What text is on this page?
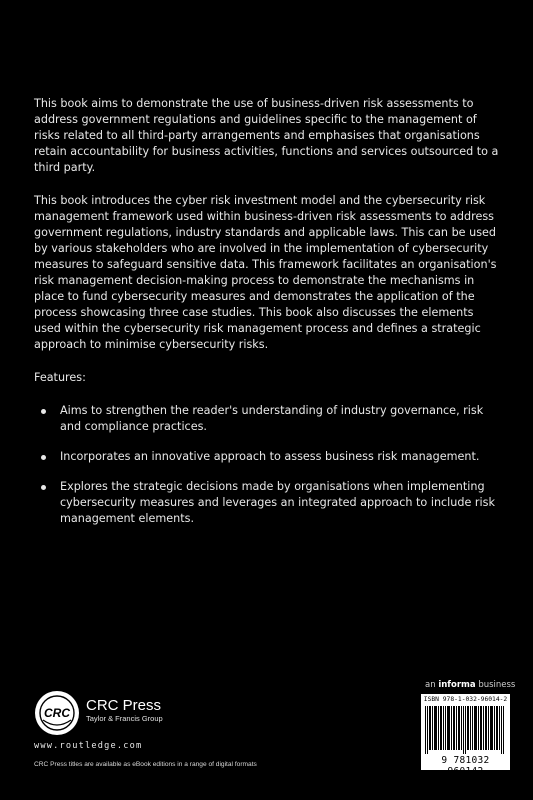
This book aims to demonstrate the use of business-driven risk assessments to address government regulations and guidelines specific to the management of risks related to all third-party arrangements and emphasises that organisations retain accountability for business activities, functions and services outsourced to a third party.

This book introduces the cyber risk investment model and the cybersecurity risk management framework used within business-driven risk assessments to address government regulations, industry standards and applicable laws. This can be used by various stakeholders who are involved in the implementation of cybersecurity measures to safeguard sensitive data. This framework facilitates an organisation's risk management decision-making process to demonstrate the mechanisms in place to fund cybersecurity measures and demonstrates the application of the process showcasing three case studies. This book also discusses the elements used within the cybersecurity risk management process and defines a strategic approach to minimise cybersecurity risks.

Features:

Aims to strengthen the reader's understanding of industry governance, risk and compliance practices.
Incorporates an innovative approach to assess business risk management.
Explores the strategic decisions made by organisations when implementing cybersecurity measures and leverages an integrated approach to include risk management elements.
an informa business
ISBN 978-1-032-96014-2
9 781032 960142
CRC CRC Press
Taylor & Francis Group
www.routledge.com
CRC Press titles are available as eBook editions in a range of digital formats
